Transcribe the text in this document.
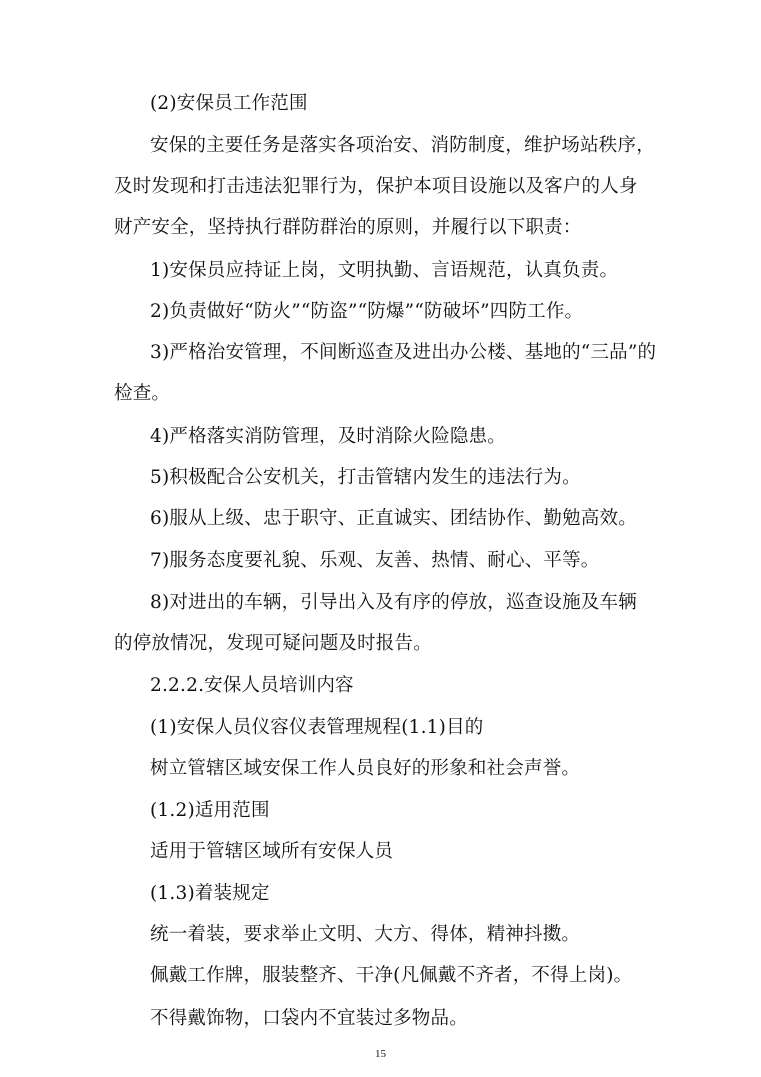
(2)安保员工作范围
安保的主要任务是落实各项治安、消防制度，维护场站秩序，
及时发现和打击违法犯罪行为，保护本项目设施以及客户的人身
财产安全，坚持执行群防群治的原则，并履行以下职责：
1)安保员应持证上岗，文明执勤、言语规范，认真负责。
2)负责做好“防火”“防盗”“防爆”“防破坏”四防工作。
3)严格治安管理，不间断巡查及进出办公楼、基地的“三品”的
检查。
4)严格落实消防管理，及时消除火险隐患。
5)积极配合公安机关，打击管辖内发生的违法行为。
6)服从上级、忠于职守、正直诚实、团结协作、勤勉高效。
7)服务态度要礼貌、乐观、友善、热情、耐心、平等。
8)对进出的车辆，引导出入及有序的停放，巡查设施及车辆
的停放情况，发现可疑问题及时报告。
2.2.2.安保人员培训内容
(1)安保人员仪容仪表管理规程(1.1)目的
树立管辖区域安保工作人员良好的形象和社会声誉。
(1.2)适用范围
适用于管辖区域所有安保人员
(1.3)着装规定
统一着装，要求举止文明、大方、得体，精神抖擞。
佩戴工作牌，服装整齐、干净(凡佩戴不齐者，不得上岗)。
不得戴饰物，口袋内不宜装过多物品。
15
